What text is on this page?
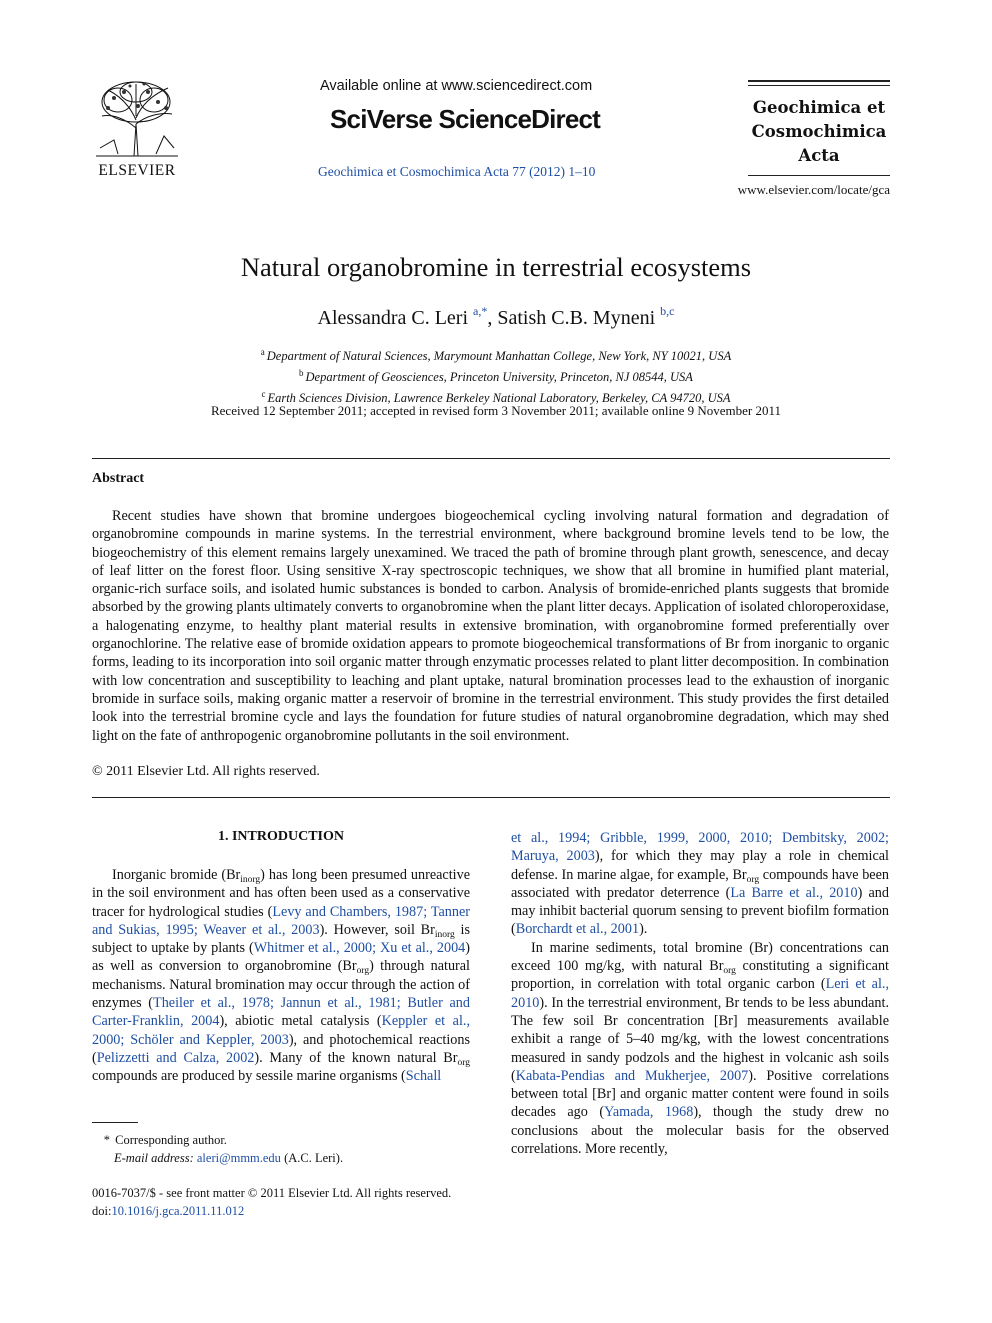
ELSEVIER
Available online at www.sciencedirect.com
SciVerse ScienceDirect
Geochimica et Cosmochimica Acta 77 (2012) 1–10
Geochimica et
Cosmochimica
Acta
www.elsevier.com/locate/gca
Natural organobromine in terrestrial ecosystems
Alessandra C. Leri $^{a,*}$, Satish C.B. Myneni $^{b,c}$
$^a$ Department of Natural Sciences, Marymount Manhattan College, New York, NY 10021, USA
$^b$ Department of Geosciences, Princeton University, Princeton, NJ 08544, USA
$^c$ Earth Sciences Division, Lawrence Berkeley National Laboratory, Berkeley, CA 94720, USA
Received 12 September 2011; accepted in revised form 3 November 2011; available online 9 November 2011
Abstract
Recent studies have shown that bromine undergoes biogeochemical cycling involving natural formation and degradation of organobromine compounds in marine systems. In the terrestrial environment, where background bromine levels tend to be low, the biogeochemistry of this element remains largely unexamined. We traced the path of bromine through plant growth, senescence, and decay of leaf litter on the forest floor. Using sensitive X-ray spectroscopic techniques, we show that all bromine in humified plant material, organic-rich surface soils, and isolated humic substances is bonded to carbon. Analysis of bromide-enriched plants suggests that bromide absorbed by the growing plants ultimately converts to organobromine when the plant litter decays. Application of isolated chloroperoxidase, a halogenating enzyme, to healthy plant material results in extensive bromination, with organobromine formed preferentially over organochlorine. The relative ease of bromide oxidation appears to promote biogeochemical transformations of Br from inorganic to organic forms, leading to its incorporation into soil organic matter through enzymatic processes related to plant litter decomposition. In combination with low concentration and susceptibility to leaching and plant uptake, natural bromination processes lead to the exhaustion of inorganic bromide in surface soils, making organic matter a reservoir of bromine in the terrestrial environment. This study provides the first detailed look into the terrestrial bromine cycle and lays the foundation for future studies of natural organobromine degradation, which may shed light on the fate of anthropogenic organobromine pollutants in the soil environment.
© 2011 Elsevier Ltd. All rights reserved.
1. INTRODUCTION

Inorganic bromide $(Br_{inorg})$ has long been presumed unreactive in the soil environment and has often been used as a conservative tracer for hydrological studies (Levy and Chambers, 1987; Tanner and Sukias, 1995; Weaver et al., 2003). However, soil $Br_{inorg}$ is subject to uptake by plants (Whitmer et al., 2000; Xu et al., 2004) as well as conversion to organobromine $(Br_{org})$ through natural mechanisms. Natural bromination may occur through the action of enzymes (Theiler et al., 1978; Jannun et al., 1981; Butler and Carter-Franklin, 2004), abiotic metal catalysis (Keppler et al., 2000; Schöler and Keppler, 2003), and photochemical reactions (Pelizzetti and Calza, 2002). Many of the known natural $Br_{org}$ compounds are produced by sessile marine organisms (Schall

et al., 1994; Gribble, 1999, 2000, 2010; Dembitsky, 2002; Maruya, 2003), for which they may play a role in chemical defense. In marine algae, for example, $Br_{org}$ compounds have been associated with predator deterrence (La Barre et al., 2010) and may inhibit bacterial quorum sensing to prevent biofilm formation (Borchardt et al., 2001).

In marine sediments, total bromine (Br) concentrations can exceed 100 mg/kg, with natural $Br_{org}$ constituting a significant proportion, in correlation with total organic carbon (Leri et al., 2010). In the terrestrial environment, Br tends to be less abundant. The few soil Br concentration [Br] measurements available exhibit a range of 5–40 mg/kg, with the lowest concentrations measured in sandy podzols and the highest in volcanic ash soils (Kabata-Pendias and Mukherjee, 2007). Positive correlations between total [Br] and organic matter content were found in soils decades ago (Yamada, 1968), though the study drew no conclusions about the molecular basis for the observed correlations. More recently,

* Corresponding author.
E-mail address: aleri@mmm.edu (A.C. Leri).
0016-7037/$ - see front matter © 2011 Elsevier Ltd. All rights reserved.
doi:10.1016/j.gca.2011.11.012
